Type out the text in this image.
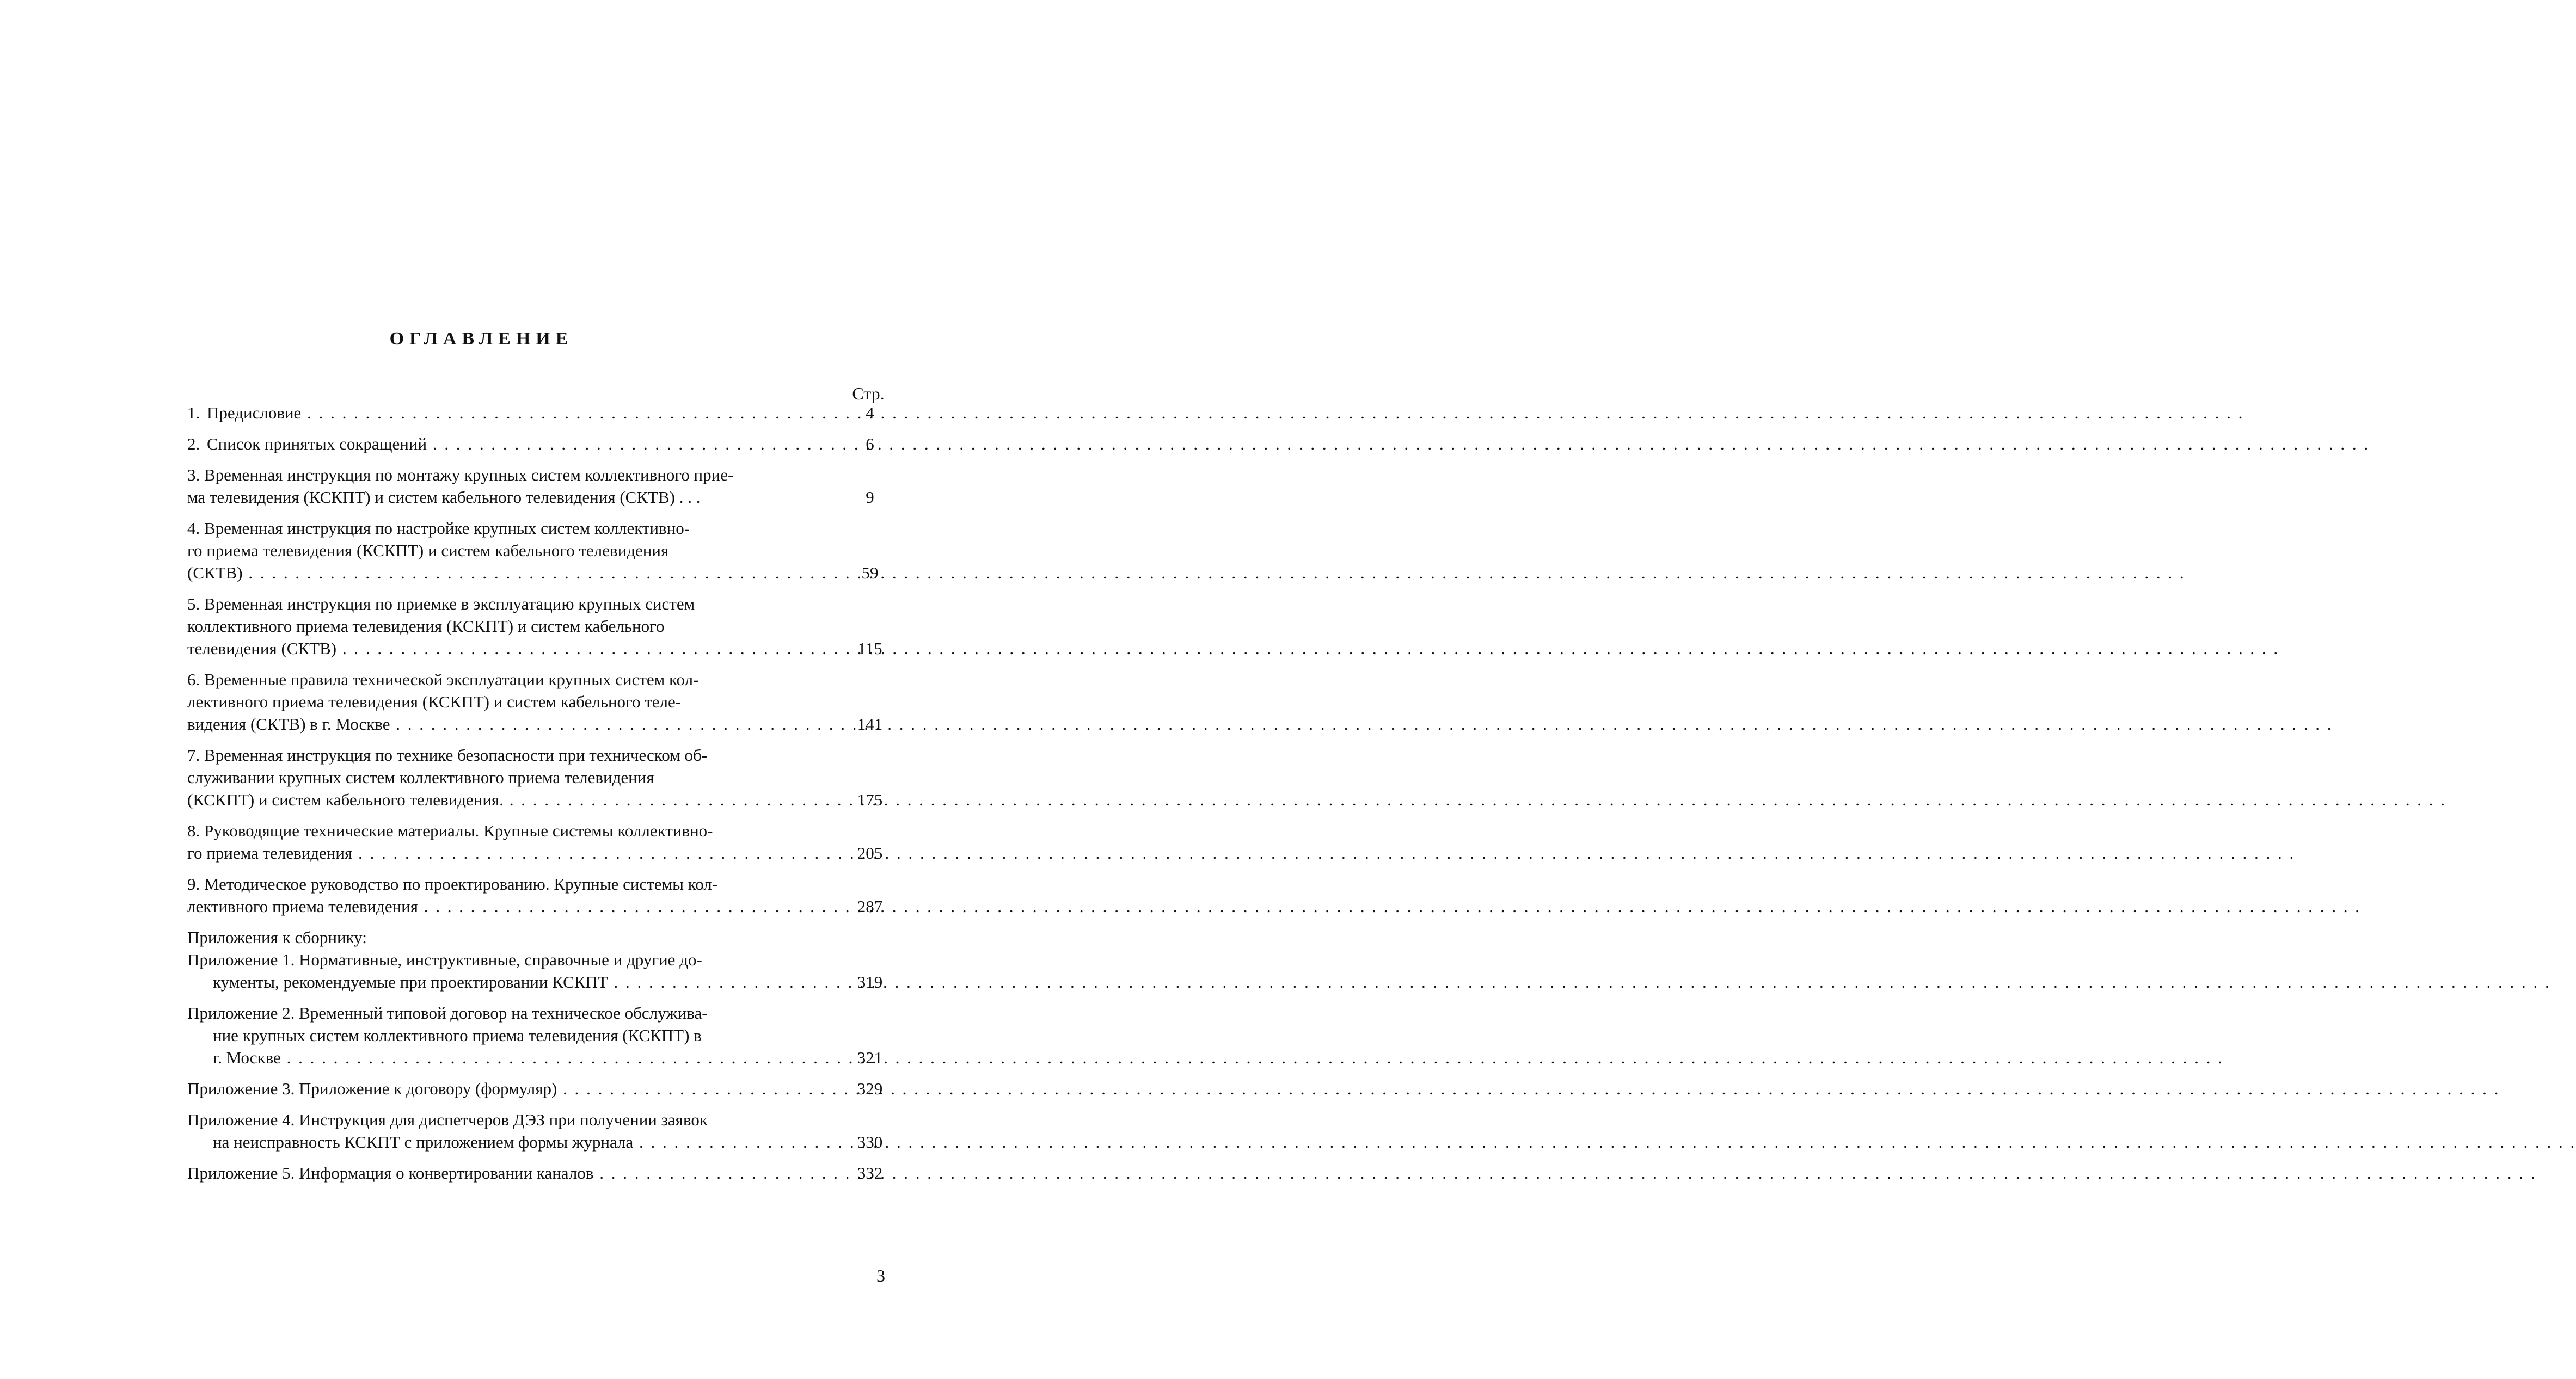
ОГЛАВЛЕНИЕ
Стр.
1. Предисловие . . .	4
2. Список принятых сокращений . . .	6
3. Временная инструкция по монтажу крупных систем коллективного прие-
ма телевидения (КСКПТ) и систем кабельного телевидения (СКТВ) . . .	9
4. Временная инструкция по настройке крупных систем коллективно-
го приема телевидения (КСКПТ) и систем кабельного телевидения
(СКТВ) . . .	59
5. Временная инструкция по приемке в эксплуатацию крупных систем
коллективного приема телевидения (КСКПТ) и систем кабельного
телевидения (СКТВ) . . .	115
6. Временные правила технической эксплуатации крупных систем кол-
лективного приема телевидения (КСКПТ) и систем кабельного теле-
видения (СКТВ) в г. Москве . . .	141
7. Временная инструкция по технике безопасности при техническом об-
служивании крупных систем коллективного приема телевидения
(КСКПТ) и систем кабельного телевидения. . . .	175
8. Руководящие технические материалы. Крупные системы коллективно-
го приема телевидения . . .	205
9. Методическое руководство по проектированию. Крупные системы кол-
лективного приема телевидения . . .	287
Приложения к сборнику:
Приложение 1. Нормативные, инструктивные, справочные и другие до-
кументы, рекомендуемые при проектировании КСКПТ . . .	319
Приложение 2. Временный типовой договор на техническое обслужива-
ние крупных систем коллективного приема телевидения (КСКПТ) в
г. Москве . . .	321
Приложение 3. Приложение к договору (формуляр) . . .	329
Приложение 4. Инструкция для диспетчеров ДЭЗ при получении заявок
на неисправность КСКПТ с приложением формы журнала . . .	330
Приложение 5. Информация о конвертировании каналов . . .	332
3
